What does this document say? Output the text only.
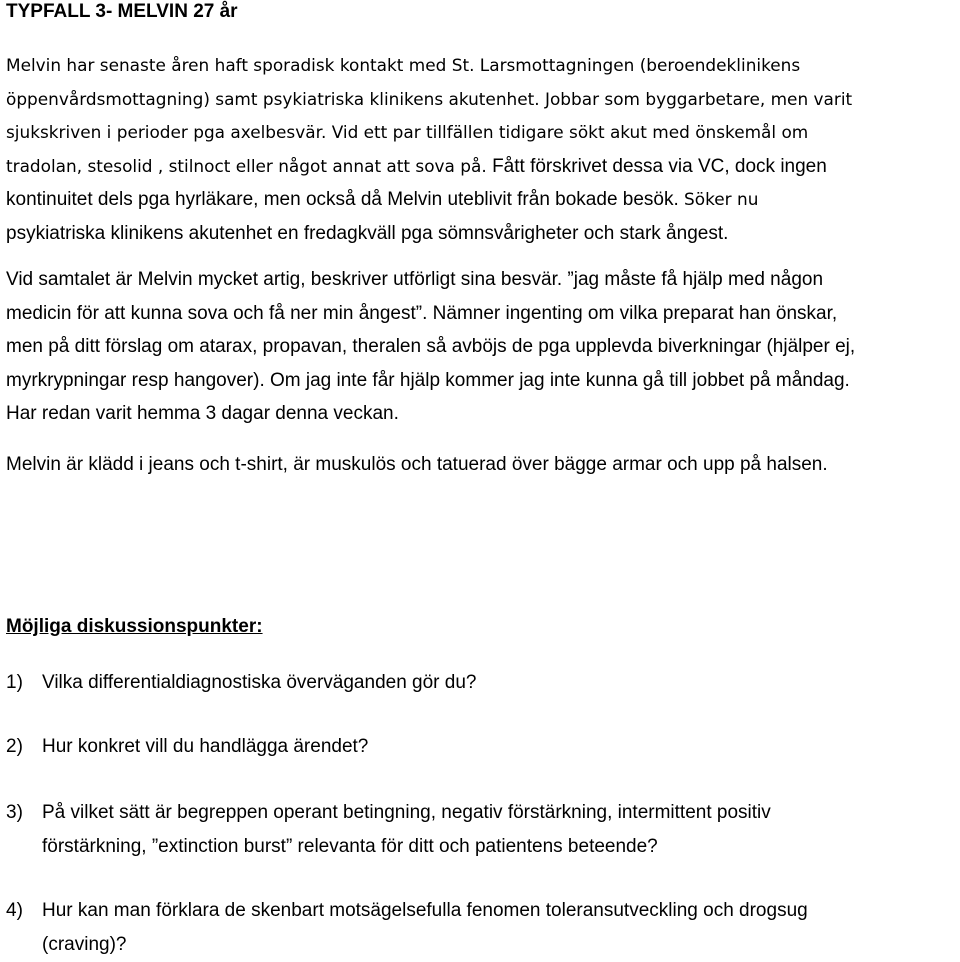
TYPFALL 3- MELVIN 27 år
Melvin har senaste åren haft sporadisk kontakt med St. Larsmottagningen (beroendeklinikens
öppenvårdsmottagning) samt psykiatriska klinikens akutenhet. Jobbar som byggarbetare, men varit
sjukskriven i perioder pga axelbesvär. Vid ett par tillfällen tidigare sökt akut med önskemål om
tradolan, stesolid , stilnoct eller något annat att sova på. Fått förskrivet dessa via VC, dock ingen
kontinuitet dels pga hyrläkare, men också då Melvin uteblivit från bokade besök. Söker nu
psykiatriska klinikens akutenhet en fredagkväll pga sömnsvårigheter och stark ångest.
Vid samtalet är Melvin mycket artig, beskriver utförligt sina besvär. ”jag måste få hjälp med någon
medicin för att kunna sova och få ner min ångest”. Nämner ingenting om vilka preparat han önskar,
men på ditt förslag om atarax, propavan, theralen så avböjs de pga upplevda biverkningar (hjälper ej,
myrkrypningar resp hangover). Om jag inte får hjälp kommer jag inte kunna gå till jobbet på måndag.
Har redan varit hemma 3 dagar denna veckan.
Melvin är klädd i jeans och t-shirt, är muskulös och tatuerad över bägge armar och upp på halsen.
Möjliga diskussionspunkter:
1) Vilka differentialdiagnostiska överväganden gör du?
2) Hur konkret vill du handlägga ärendet?
3) På vilket sätt är begreppen operant betingning, negativ förstärkning, intermittent positiv
förstärkning, ”extinction burst” relevanta för ditt och patientens beteende?
4) Hur kan man förklara de skenbart motsägelsefulla fenomen toleransutveckling och drogsug
(craving)?
